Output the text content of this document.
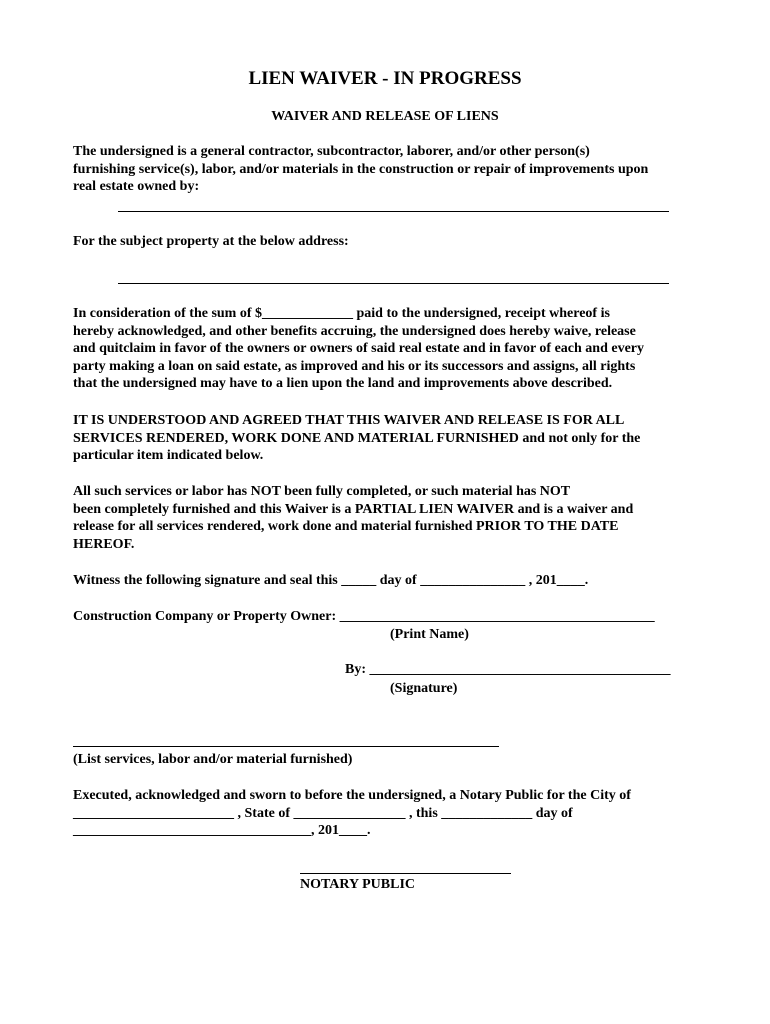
LIEN WAIVER - IN PROGRESS
WAIVER AND RELEASE OF LIENS
The undersigned is a general contractor, subcontractor, laborer, and/or other person(s)
furnishing service(s), labor, and/or materials in the construction or repair of improvements upon
real estate owned by:
For the subject property at the below address:
In consideration of the sum of $_____________ paid to the undersigned, receipt whereof is
hereby acknowledged, and other benefits accruing, the undersigned does hereby waive, release
and quitclaim in favor of the owners or owners of said real estate and in favor of each and every
party making a loan on said estate, as improved and his or its successors and assigns, all rights
that the undersigned may have to a lien upon the land and improvements above described.
IT IS UNDERSTOOD AND AGREED THAT THIS WAIVER AND RELEASE IS FOR ALL
SERVICES RENDERED, WORK DONE AND MATERIAL FURNISHED and not only for the
particular item indicated below.
All such services or labor has NOT been fully completed, or such material has NOT
been completely furnished and this Waiver is a PARTIAL LIEN WAIVER and is a waiver and
release for all services rendered, work done and material furnished PRIOR TO THE DATE
HEREOF.
Witness the following signature and seal this _____ day of _______________ , 201____.
Construction Company or Property Owner: _____________________________________________
(Print Name)
By: ___________________________________________
(Signature)
(List services, labor and/or material furnished)
Executed, acknowledged and sworn to before the undersigned, a Notary Public for the City of
_______________________ , State of ________________ , this _____________ day of
__________________________________, 201____.
NOTARY PUBLIC
